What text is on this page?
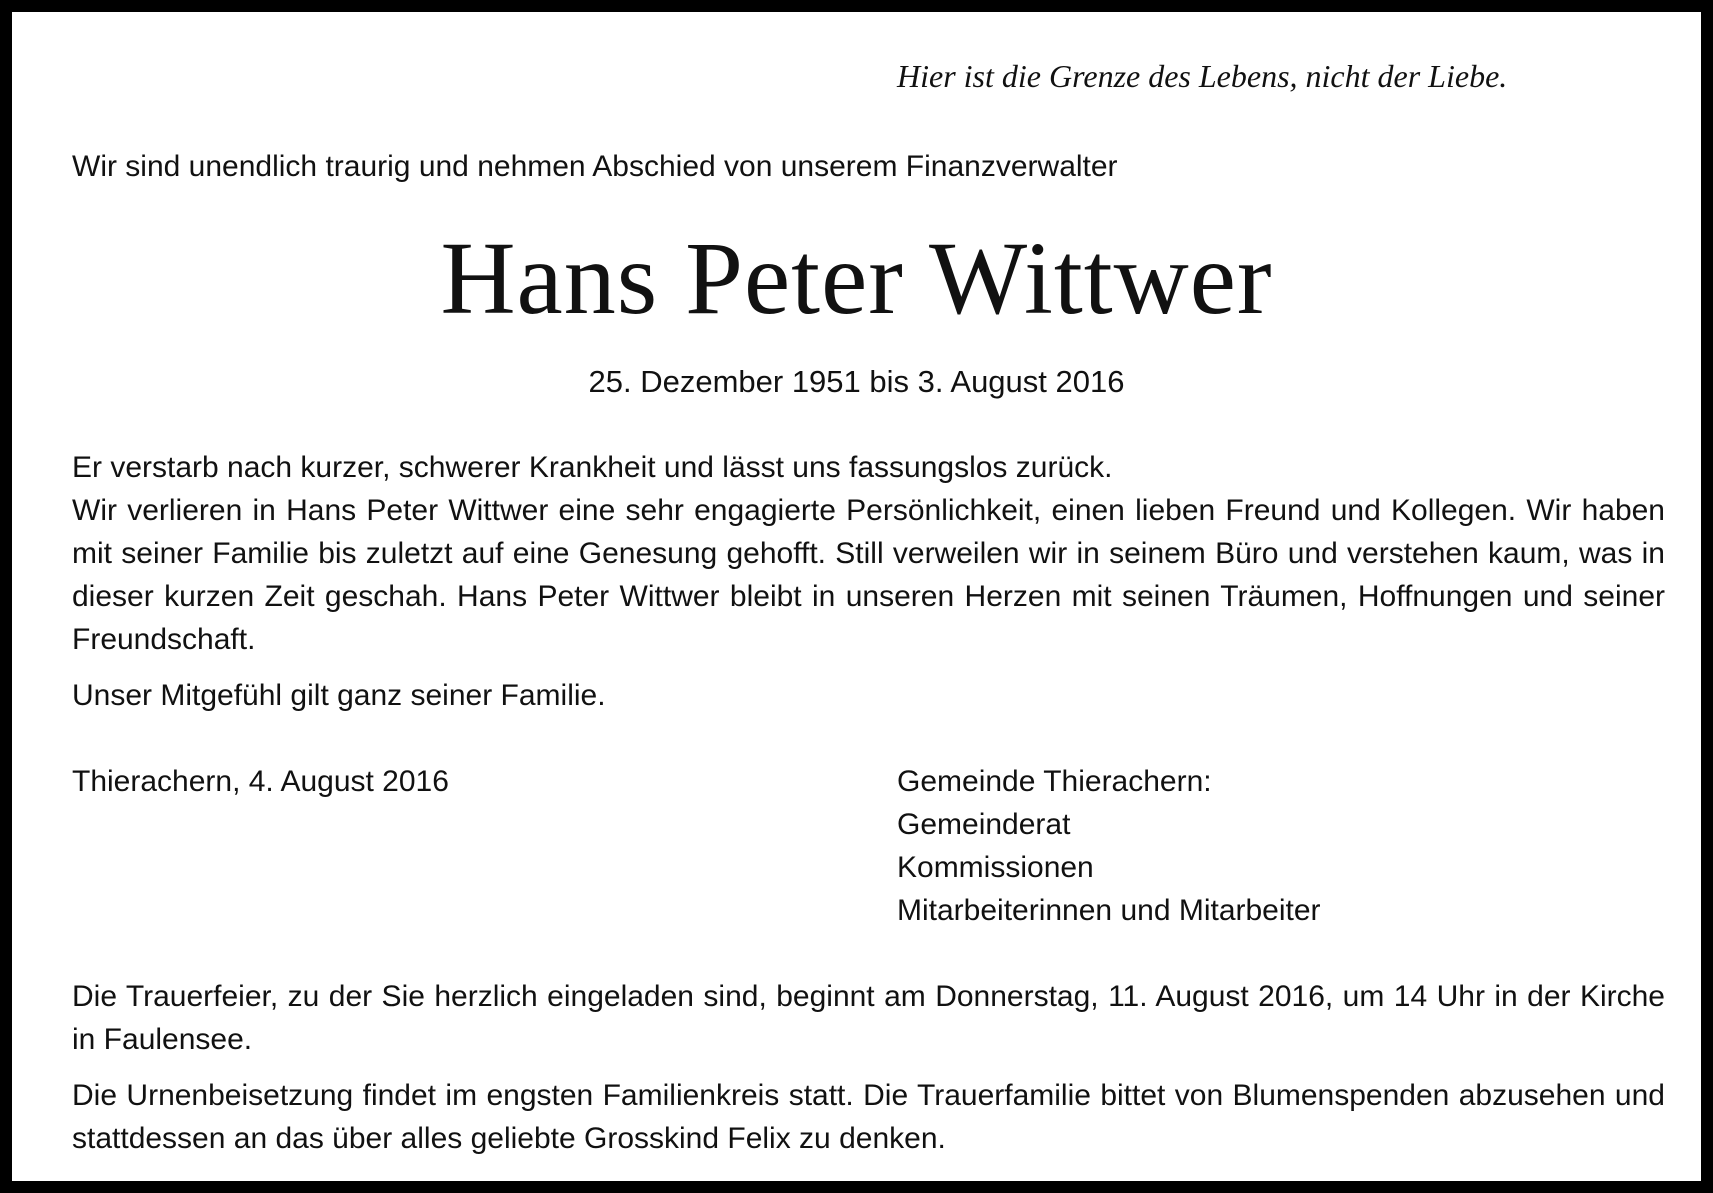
Hier ist die Grenze des Lebens, nicht der Liebe.
Wir sind unendlich traurig und nehmen Abschied von unserem Finanzverwalter
Hans Peter Wittwer
25. Dezember 1951 bis 3. August 2016

Er verstarb nach kurzer, schwerer Krankheit und lässt uns fassungslos zurück.

Wir verlieren in Hans Peter Wittwer eine sehr engagierte Persönlichkeit, einen lieben Freund und Kollegen. Wir haben mit seiner Familie bis zuletzt auf eine Genesung gehofft. Still verweilen wir in seinem Büro und verstehen kaum, was in dieser kurzen Zeit geschah. Hans Peter Wittwer bleibt in unseren Herzen mit seinen Träumen, Hoffnungen und seiner Freundschaft.

Unser Mitgefühl gilt ganz seiner Familie.

Thierachern, 4. August 2016	Gemeinde Thierachern:
Gemeinderat
Kommissionen
Mitarbeiterinnen und Mitarbeiter

Die Trauerfeier, zu der Sie herzlich eingeladen sind, beginnt am Donnerstag, 11. August 2016, um 14 Uhr in der Kirche in Faulensee.

Die Urnenbeisetzung findet im engsten Familienkreis statt. Die Trauerfamilie bittet von Blumenspenden abzusehen und stattdessen an das über alles geliebte Grosskind Felix zu denken.
